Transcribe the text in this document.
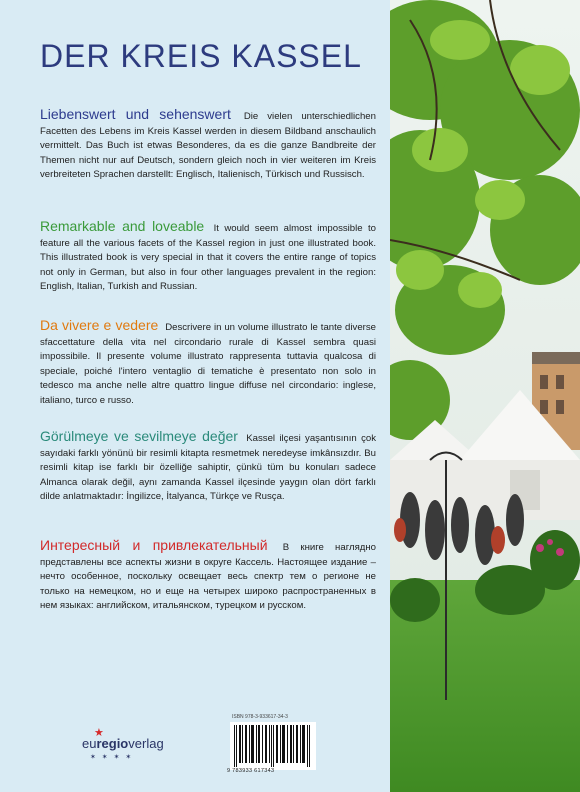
DER KREIS KASSEL
Liebenswert und sehenswert Die vielen unterschiedlichen Facetten des Lebens im Kreis Kassel werden in diesem Bildband anschaulich vermittelt. Das Buch ist etwas Besonderes, da es die ganze Bandbreite der Themen nicht nur auf Deutsch, sondern gleich noch in vier weiteren im Kreis verbreiteten Sprachen darstellt: Englisch, Italienisch, Türkisch und Russisch.
Remarkable and loveable It would seem almost impossible to feature all the various facets of the Kassel region in just one illustrated book. This illustrated book is very special in that it covers the entire range of topics not only in German, but also in four other languages prevalent in the region: English, Italian, Turkish and Russian.
Da vivere e vedere Descrivere in un volume illustrato le tante diverse sfaccettature della vita nel circondario rurale di Kassel sembra quasi impossibile. Il presente volume illustrato rappresenta tuttavia qualcosa di speciale, poiché l'intero ventaglio di tematiche è presentato non solo in tedesco ma anche nelle altre quattro lingue diffuse nel circondario: inglese, italiano, turco e russo.
Görülmeye ve sevilmeye değer Kassel ilçesi yaşantısının çok sayıdaki farklı yönünü bir resimli kitapta resmetmek neredeyse imkânsızdır. Bu resimli kitap ise farklı bir özelliğe sahiptir, çünkü tüm bu konuları sadece Almanca olarak değil, aynı zamanda Kassel ilçesinde yaygın olan dört farklı dilde anlatmaktadır: İngilizce, İtalyanca, Türkçe ve Rusça.
Интересный и привлекательный В книге наглядно представлены все аспекты жизни в округе Кассель. Настоящее издание – нечто особенное, поскольку освещает весь спектр тем о регионе не только на немецком, но и еще на четырех широко распространенных в нем языках: английском, итальянском, турецком и русском.
★
euregioverlag
✶ ✶ ✶ ✶
ISBN 978-3-933617-34-3
9 783933 617343
